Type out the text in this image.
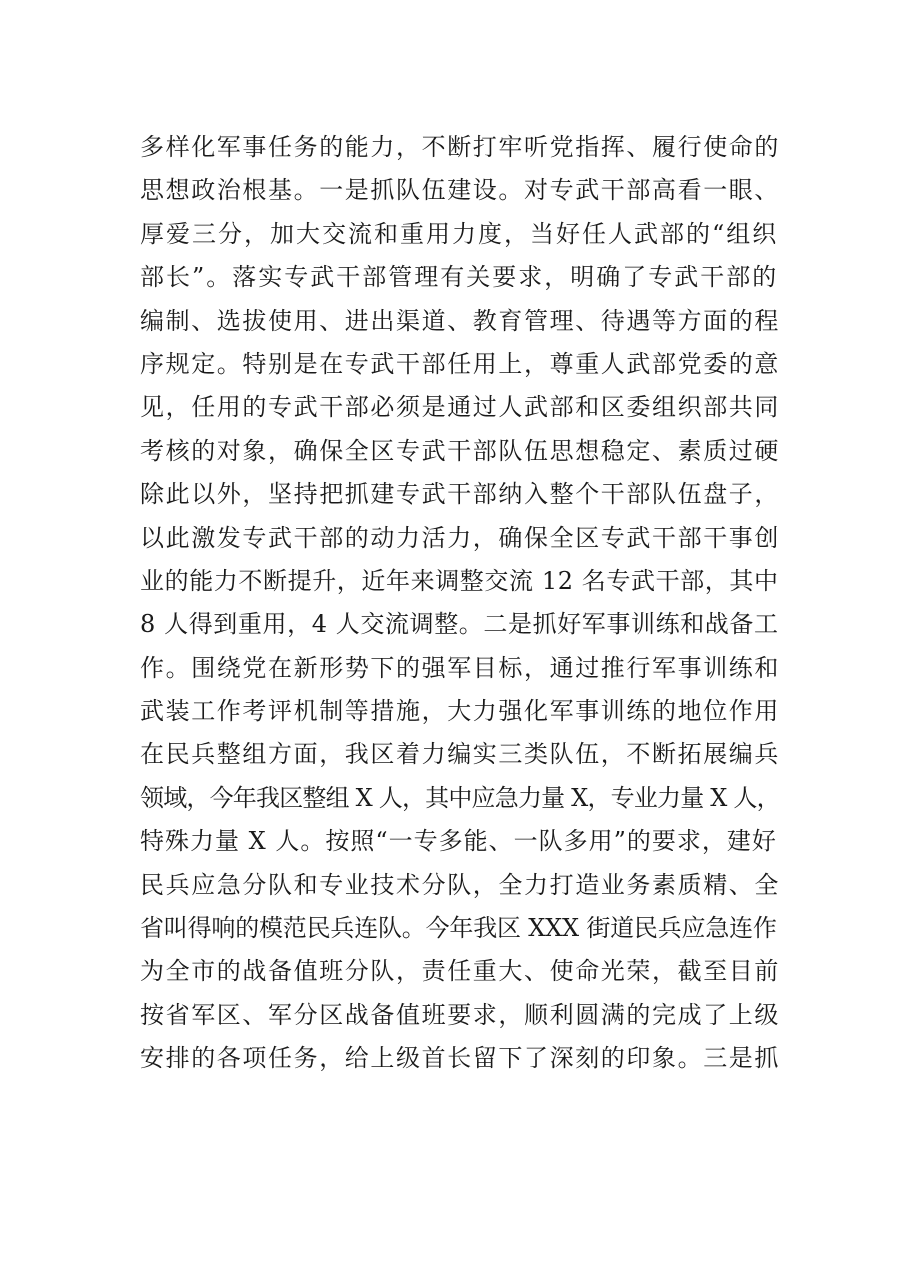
多样化军事任务的能力，不断打牢听党指挥、履行使命的
思想政治根基。一是抓队伍建设。对专武干部高看一眼、
厚爱三分，加大交流和重用力度，当好任人武部的“组织
部长”。落实专武干部管理有关要求，明确了专武干部的
编制、选拔使用、进出渠道、教育管理、待遇等方面的程
序规定。特别是在专武干部任用上，尊重人武部党委的意
见，任用的专武干部必须是通过人武部和区委组织部共同
考核的对象，确保全区专武干部队伍思想稳定、素质过硬
除此以外，坚持把抓建专武干部纳入整个干部队伍盘子，
以此激发专武干部的动力活力，确保全区专武干部干事创
业的能力不断提升，近年来调整交流 12 名专武干部，其中
8 人得到重用，4 人交流调整。二是抓好军事训练和战备工
作。围绕党在新形势下的强军目标，通过推行军事训练和
武装工作考评机制等措施，大力强化军事训练的地位作用
在民兵整组方面，我区着力编实三类队伍，不断拓展编兵
领域，今年我区整组 X 人，其中应急力量 X，专业力量 X 人，
特殊力量 X 人。按照“一专多能、一队多用”的要求，建好
民兵应急分队和专业技术分队，全力打造业务素质精、全
省叫得响的模范民兵连队。今年我区 XXX 街道民兵应急连作
为全市的战备值班分队，责任重大、使命光荣，截至目前
按省军区、军分区战备值班要求，顺利圆满的完成了上级
安排的各项任务，给上级首长留下了深刻的印象。三是抓
